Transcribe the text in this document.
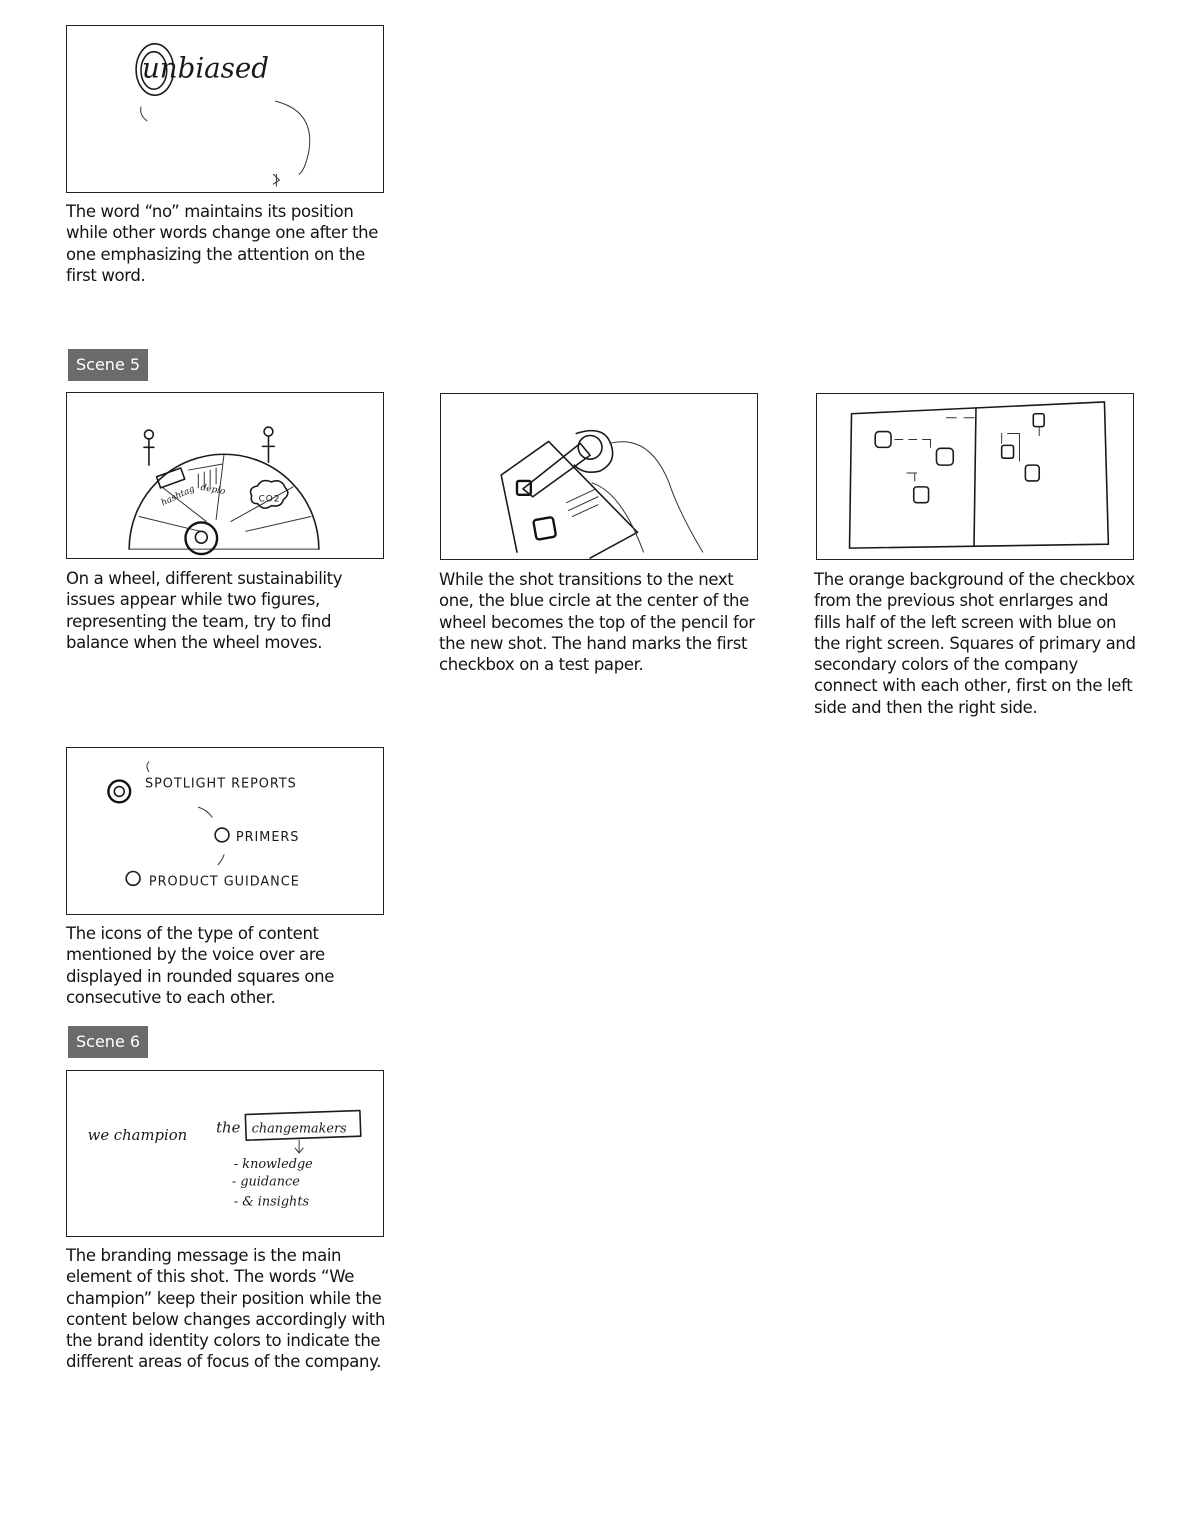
unbiased

The word “no” maintains its position
while other words change one after the
one emphasizing the attention on the
first word.

Scene 5
hashtag deplo
CO2

On a wheel, different sustainability
issues appear while two figures,
representing the team, try to find
balance when the wheel moves.

While the shot transitions to the next
one, the blue circle at the center of the
wheel becomes the top of the pencil for
the new shot. The hand marks the first
checkbox on a test paper.

The orange background of the checkbox
from the previous shot enrlarges and
fills half of the left screen with blue on
the right screen. Squares of primary and
secondary colors of the company
connect with each other, first on the left
side and then the right side.

SPOTLIGHT REPORTS
PRIMERS
PRODUCT GUIDANCE

The icons of the type of content
mentioned by the voice over are
displayed in rounded squares one
consecutive to each other.

Scene 6
we champion the changemakers
- knowledge
- guidance
- & insights

The branding message is the main
element of this shot. The words “We
champion” keep their position while the
content below changes accordingly with
the brand identity colors to indicate the
different areas of focus of the company.
